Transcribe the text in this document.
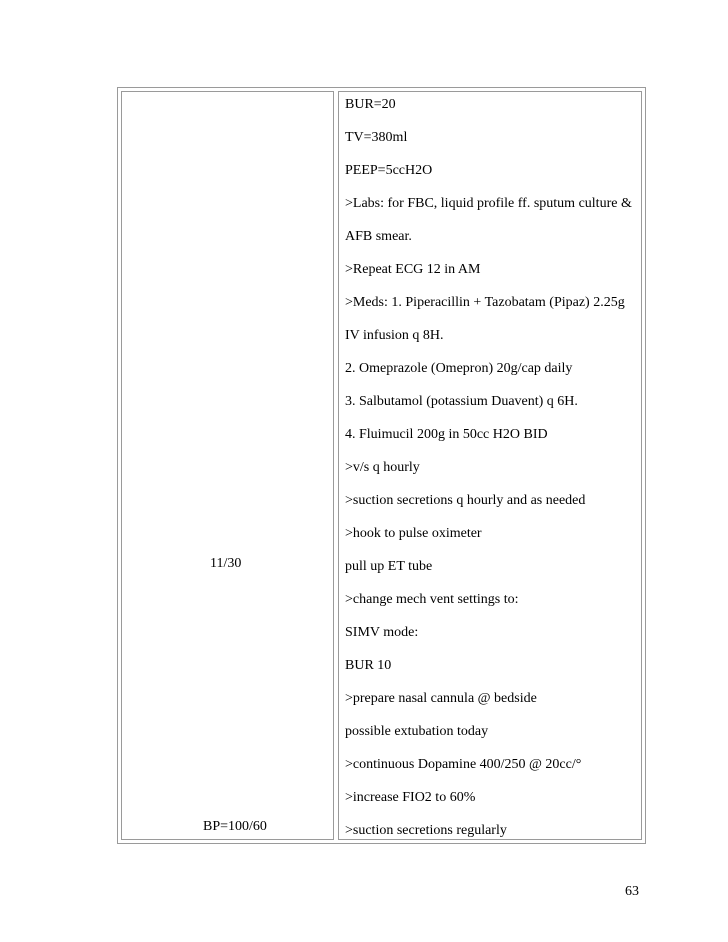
11/30
BP=100/60
BUR=20
TV=380ml
PEEP=5ccH2O
>Labs: for FBC, liquid profile ff. sputum culture &
AFB smear.
>Repeat ECG 12 in AM
>Meds: 1. Piperacillin + Tazobatam (Pipaz) 2.25g
IV infusion q 8H.
2. Omeprazole (Omepron) 20g/cap daily
3. Salbutamol (potassium Duavent) q 6H.
4. Fluimucil 200g in 50cc H2O BID
>v/s q hourly
>suction secretions q hourly and as needed
>hook to pulse oximeter
pull up ET tube
>change mech vent settings to:
SIMV mode:
BUR 10
>prepare nasal cannula @ bedside
possible extubation today
>continuous Dopamine 400/250 @ 20cc/°
>increase FIO2 to 60%
>suction secretions regularly
63
